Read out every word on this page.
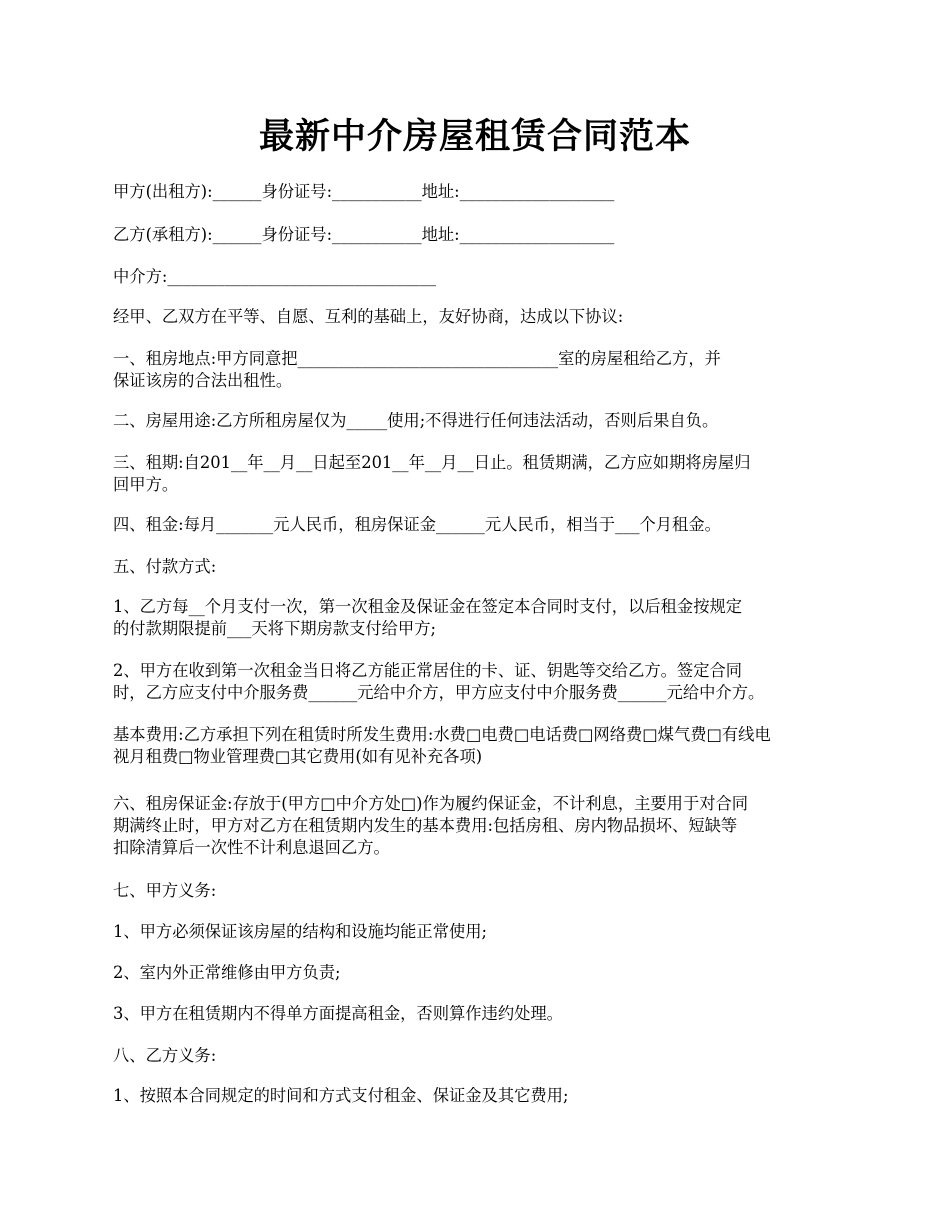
最新中介房屋租赁合同范本
甲方(出租方):______身份证号:___________地址:___________________
乙方(承租方):______身份证号:___________地址:___________________
中介方:_________________________________
经甲、乙双方在平等、自愿、互利的基础上，友好协商，达成以下协议:
一、租房地点:甲方同意把________________________________室的房屋租给乙方，并
保证该房的合法出租性。
二、房屋用途:乙方所租房屋仅为_____使用;不得进行任何违法活动，否则后果自负。
三、租期:自201__年__月__日起至201__年__月__日止。租赁期满，乙方应如期将房屋归
回甲方。
四、租金:每月_______元人民币，租房保证金______元人民币，相当于___个月租金。
五、付款方式:
1、乙方每__个月支付一次，第一次租金及保证金在签定本合同时支付，以后租金按规定
的付款期限提前___天将下期房款支付给甲方;
2、甲方在收到第一次租金当日将乙方能正常居住的卡、证、钥匙等交给乙方。签定合同
时，乙方应支付中介服务费______元给中介方，甲方应支付中介服务费______元给中介方。
基本费用:乙方承担下列在租赁时所发生费用:水费□电费□电话费□网络费□煤气费□有线电
视月租费□物业管理费□其它费用(如有见补充各项)
六、租房保证金:存放于(甲方□中介方处□)作为履约保证金，不计利息，主要用于对合同
期满终止时，甲方对乙方在租赁期内发生的基本费用:包括房租、房内物品损坏、短缺等
扣除清算后一次性不计利息退回乙方。
七、甲方义务:
1、甲方必须保证该房屋的结构和设施均能正常使用;
2、室内外正常维修由甲方负责;
3、甲方在租赁期内不得单方面提高租金，否则算作违约处理。
八、乙方义务:
1、按照本合同规定的时间和方式支付租金、保证金及其它费用;
